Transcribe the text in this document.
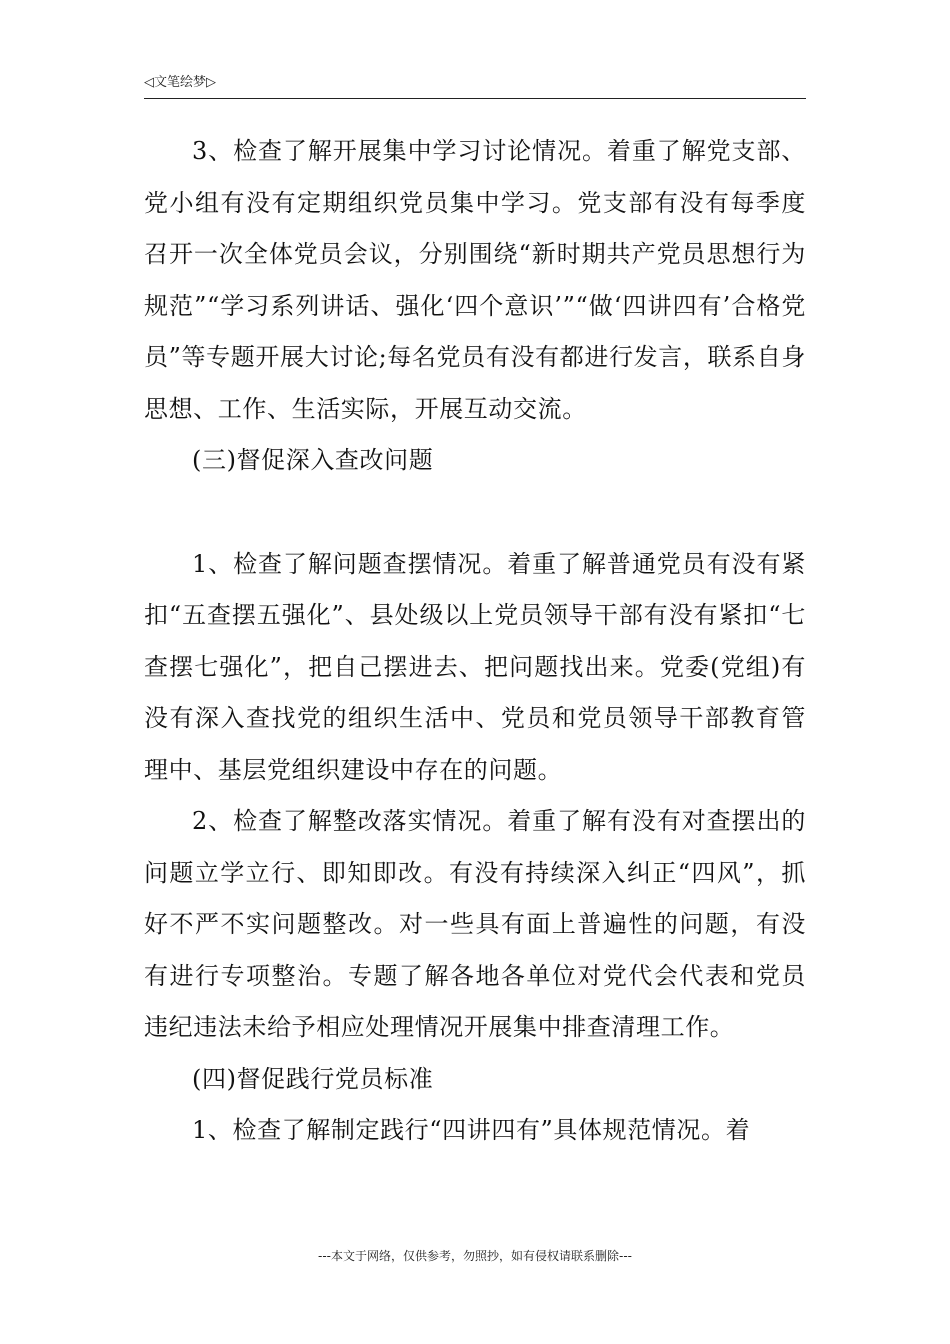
◁文笔绘梦▷

3、检查了解开展集中学习讨论情况。着重了解党支部、党小组有没有定期组织党员集中学习。党支部有没有每季度召开一次全体党员会议，分别围绕“新时期共产党员思想行为规范”“学习系列讲话、强化‘四个意识’”“做‘四讲四有’合格党员”等专题开展大讨论;每名党员有没有都进行发言，联系自身思想、工作、生活实际，开展互动交流。

(三)督促深入查改问题

1、检查了解问题查摆情况。着重了解普通党员有没有紧扣“五查摆五强化”、县处级以上党员领导干部有没有紧扣“七查摆七强化”，把自己摆进去、把问题找出来。党委(党组)有没有深入查找党的组织生活中、党员和党员领导干部教育管理中、基层党组织建设中存在的问题。

2、检查了解整改落实情况。着重了解有没有对查摆出的问题立学立行、即知即改。有没有持续深入纠正“四风”，抓好不严不实问题整改。对一些具有面上普遍性的问题，有没有进行专项整治。专题了解各地各单位对党代会代表和党员违纪违法未给予相应处理情况开展集中排查清理工作。

(四)督促践行党员标准

1、检查了解制定践行“四讲四有”具体规范情况。着

---本文于网络，仅供参考，勿照抄，如有侵权请联系删除---
